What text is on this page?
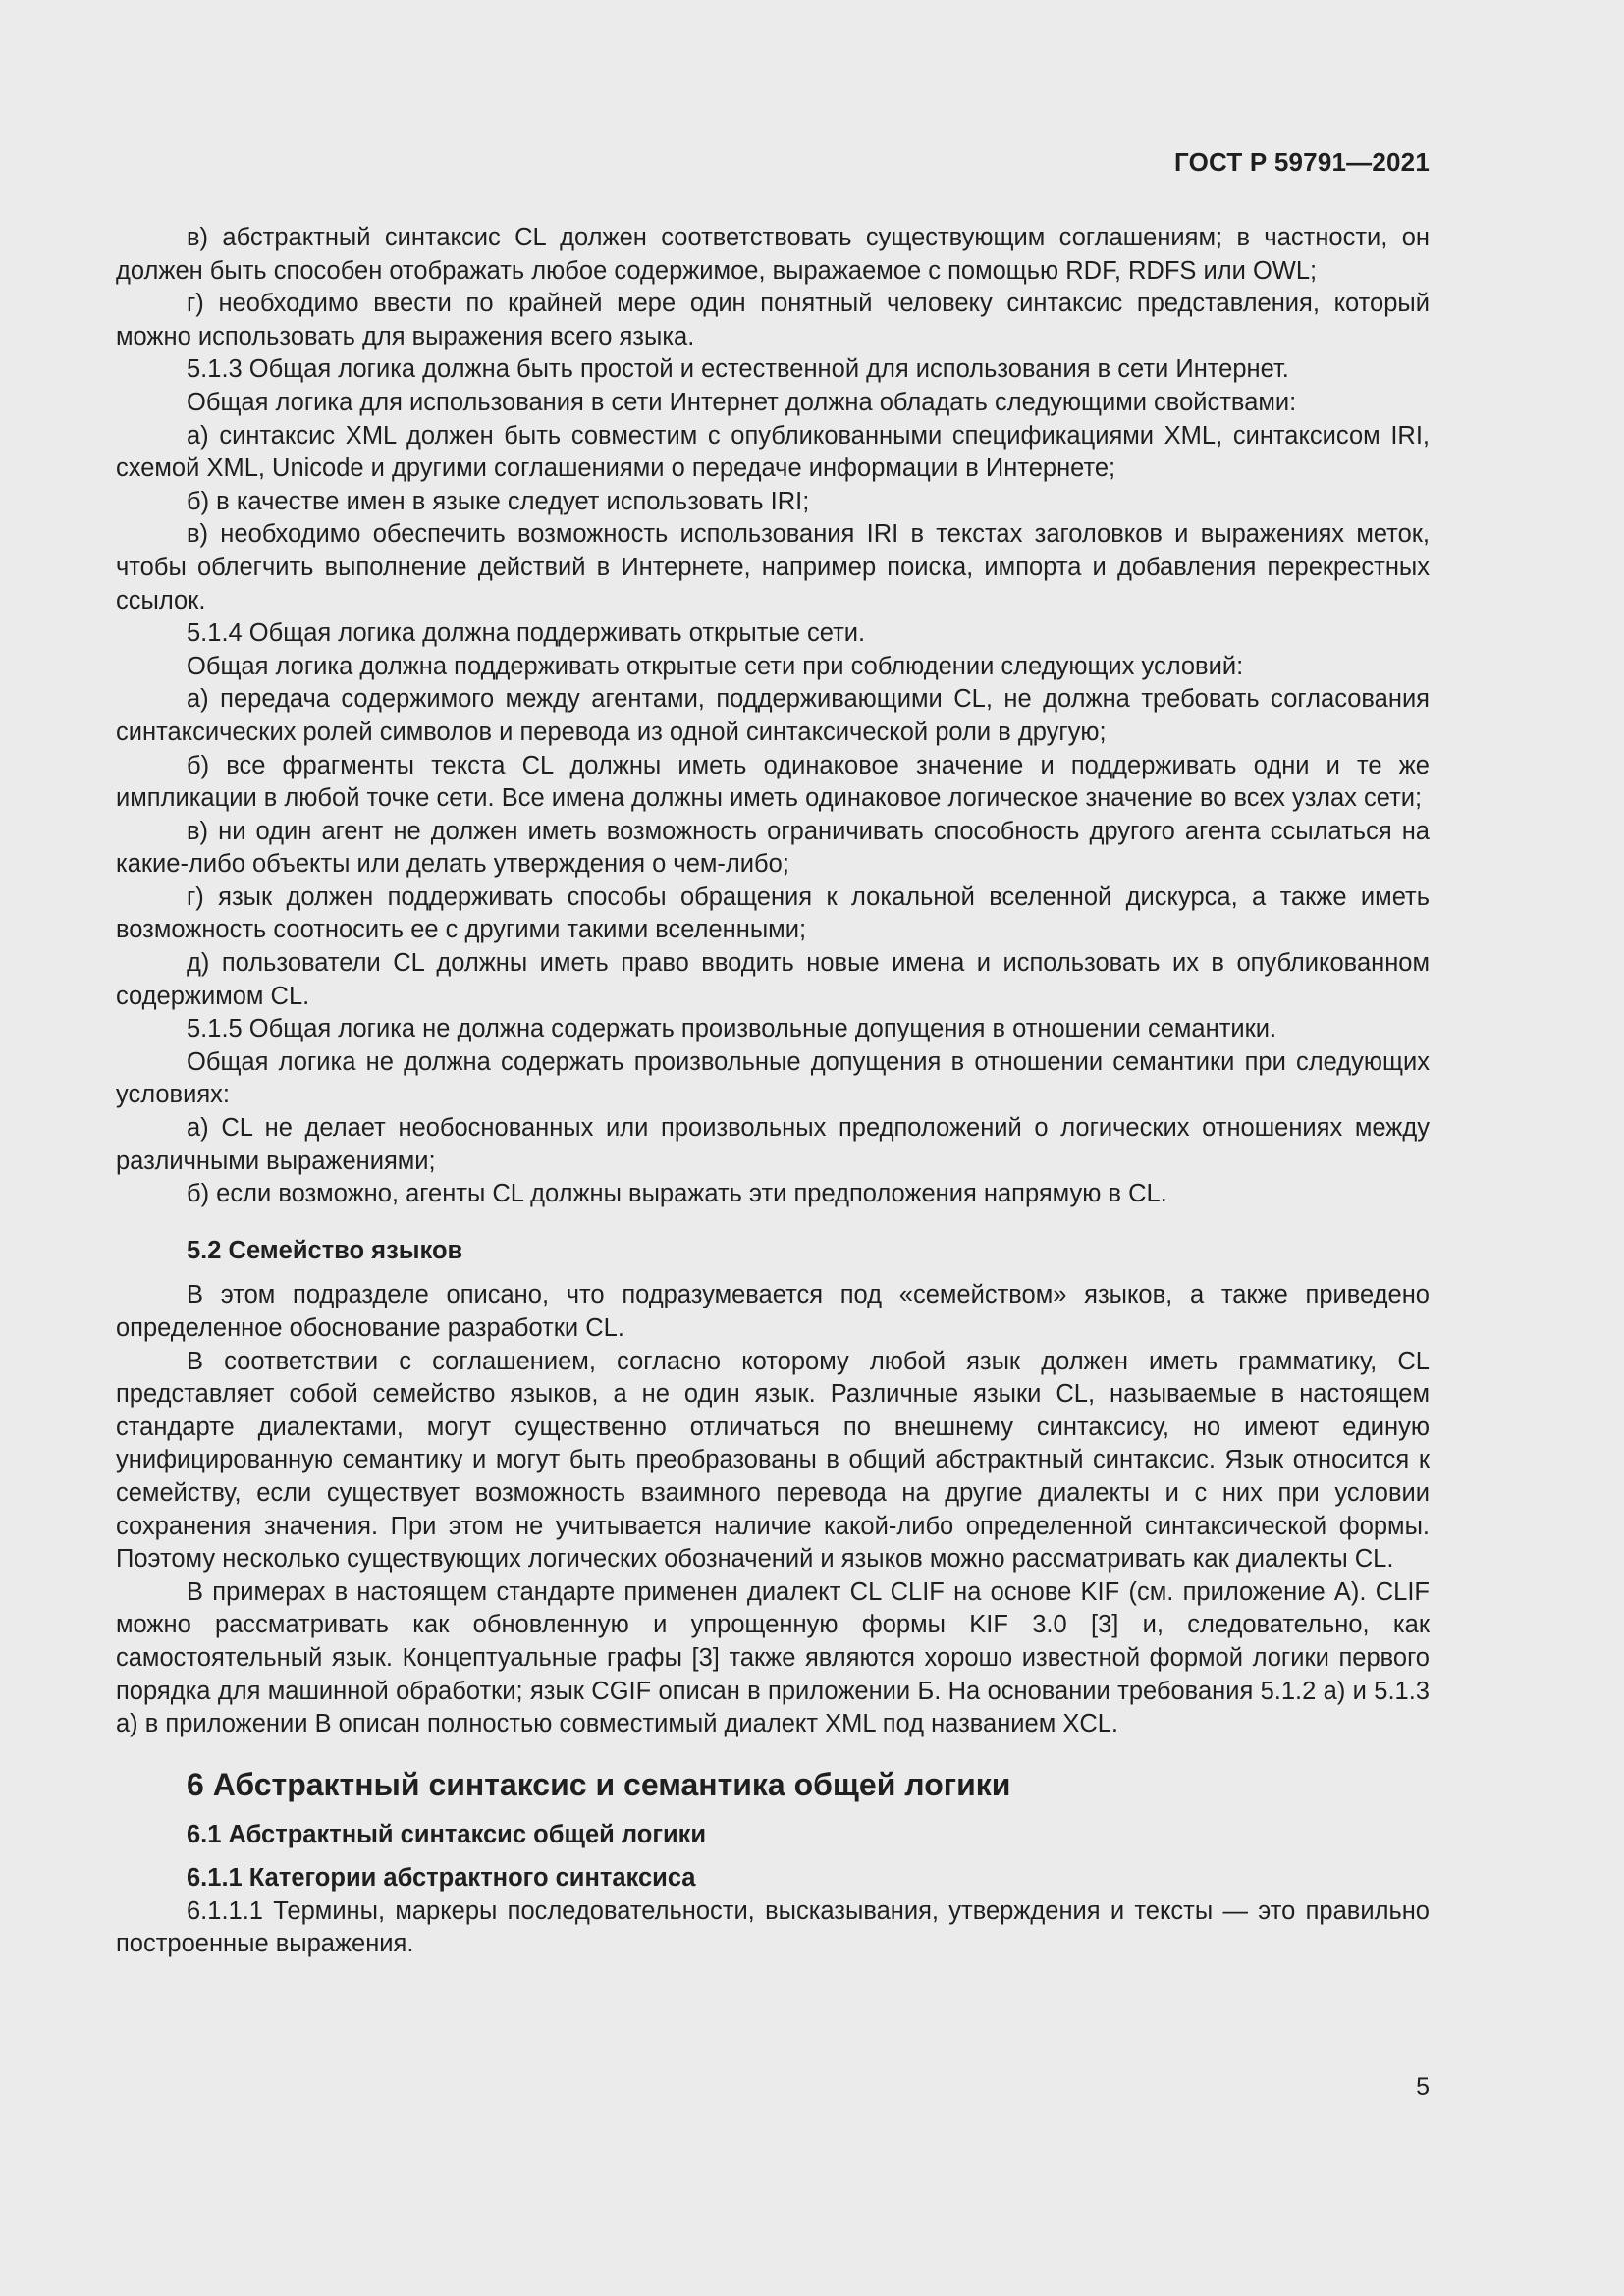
ГОСТ Р 59791—2021

в) абстрактный синтаксис CL должен соответствовать существующим соглашениям; в частности, он должен быть способен отображать любое содержимое, выражаемое с помощью RDF, RDFS или OWL;

г) необходимо ввести по крайней мере один понятный человеку синтаксис представления, который можно использовать для выражения всего языка.

5.1.3 Общая логика должна быть простой и естественной для использования в сети Интернет.

Общая логика для использования в сети Интернет должна обладать следующими свойствами:

а) синтаксис XML должен быть совместим с опубликованными спецификациями XML, синтаксисом IRI, схемой XML, Unicode и другими соглашениями о передаче информации в Интернете;

б) в качестве имен в языке следует использовать IRI;

в) необходимо обеспечить возможность использования IRI в текстах заголовков и выражениях меток, чтобы облегчить выполнение действий в Интернете, например поиска, импорта и добавления перекрестных ссылок.

5.1.4 Общая логика должна поддерживать открытые сети.

Общая логика должна поддерживать открытые сети при соблюдении следующих условий:

а) передача содержимого между агентами, поддерживающими CL, не должна требовать согласования синтаксических ролей символов и перевода из одной синтаксической роли в другую;

б) все фрагменты текста CL должны иметь одинаковое значение и поддерживать одни и те же импликации в любой точке сети. Все имена должны иметь одинаковое логическое значение во всех узлах сети;

в) ни один агент не должен иметь возможность ограничивать способность другого агента ссылаться на какие-либо объекты или делать утверждения о чем-либо;

г) язык должен поддерживать способы обращения к локальной вселенной дискурса, а также иметь возможность соотносить ее с другими такими вселенными;

д) пользователи CL должны иметь право вводить новые имена и использовать их в опубликованном содержимом CL.

5.1.5 Общая логика не должна содержать произвольные допущения в отношении семантики.

Общая логика не должна содержать произвольные допущения в отношении семантики при следующих условиях:

а) CL не делает необоснованных или произвольных предположений о логических отношениях между различными выражениями;

б) если возможно, агенты CL должны выражать эти предположения напрямую в CL.

5.2 Семейство языков

В этом подразделе описано, что подразумевается под «семейством» языков, а также приведено определенное обоснование разработки CL.

В соответствии с соглашением, согласно которому любой язык должен иметь грамматику, CL представляет собой семейство языков, а не один язык. Различные языки CL, называемые в настоящем стандарте диалектами, могут существенно отличаться по внешнему синтаксису, но имеют единую унифицированную семантику и могут быть преобразованы в общий абстрактный синтаксис. Язык относится к семейству, если существует возможность взаимного перевода на другие диалекты и с них при условии сохранения значения. При этом не учитывается наличие какой-либо определенной синтаксической формы. Поэтому несколько существующих логических обозначений и языков можно рассматривать как диалекты CL.

В примерах в настоящем стандарте применен диалект CL CLIF на основе KIF (см. приложение А). CLIF можно рассматривать как обновленную и упрощенную формы KIF 3.0 [3] и, следовательно, как самостоятельный язык. Концептуальные графы [3] также являются хорошо известной формой логики первого порядка для машинной обработки; язык CGIF описан в приложении Б. На основании требования 5.1.2 а) и 5.1.3 а) в приложении В описан полностью совместимый диалект XML под названием XCL.

6 Абстрактный синтаксис и семантика общей логики
6.1 Абстрактный синтаксис общей логики
6.1.1 Категории абстрактного синтаксиса

6.1.1.1 Термины, маркеры последовательности, высказывания, утверждения и тексты — это правильно построенные выражения.

5
